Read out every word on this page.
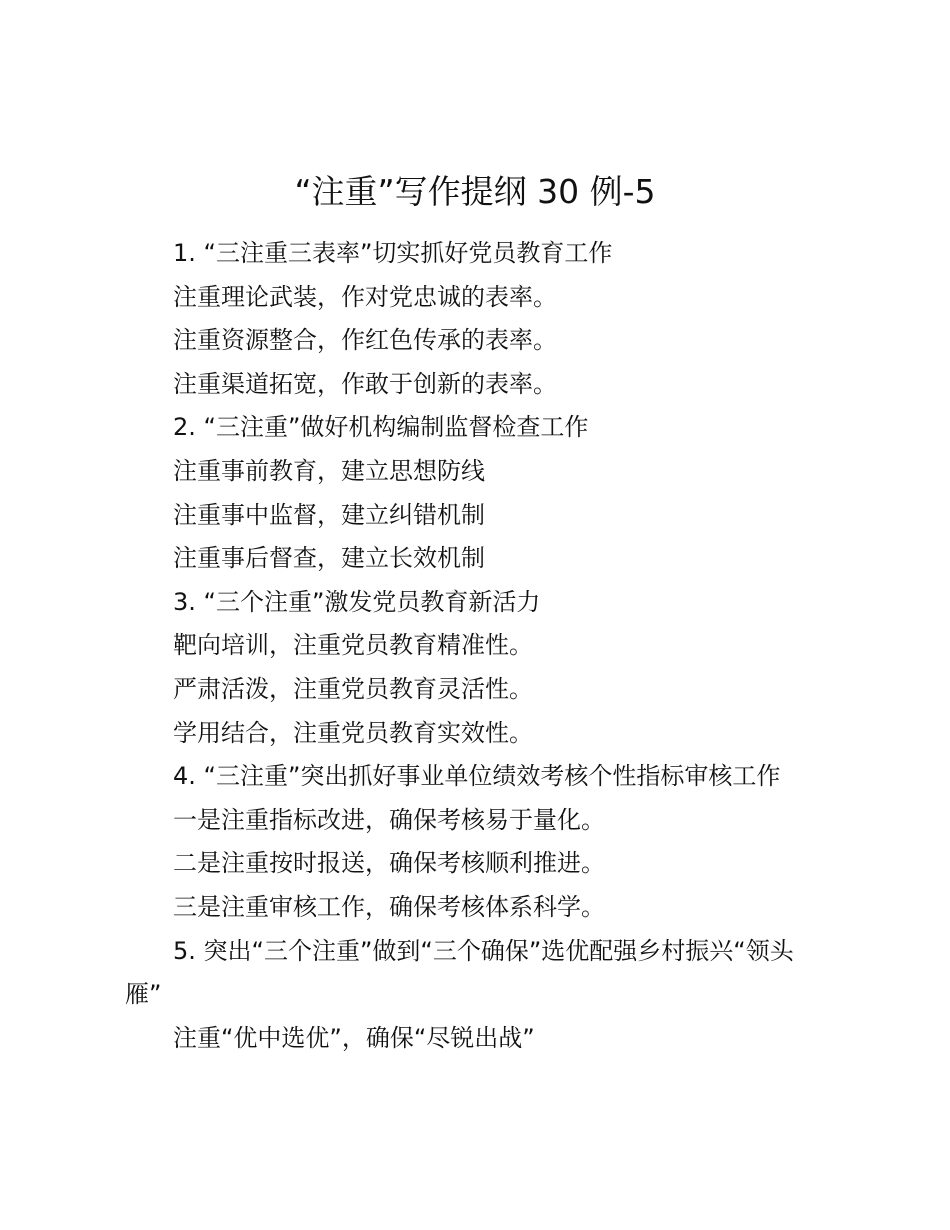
“注重”写作提纲 30 例-5

1. “三注重三表率”切实抓好党员教育工作

注重理论武装，作对党忠诚的表率。

注重资源整合，作红色传承的表率。

注重渠道拓宽，作敢于创新的表率。

2. “三注重”做好机构编制监督检查工作

注重事前教育，建立思想防线

注重事中监督，建立纠错机制

注重事后督查，建立长效机制

3. “三个注重”激发党员教育新活力

靶向培训，注重党员教育精准性。

严肃活泼，注重党员教育灵活性。

学用结合，注重党员教育实效性。

4. “三注重”突出抓好事业单位绩效考核个性指标审核工作

一是注重指标改进，确保考核易于量化。

二是注重按时报送，确保考核顺利推进。

三是注重审核工作，确保考核体系科学。

5. 突出“三个注重”做到“三个确保”选优配强乡村振兴“领头雁”

注重“优中选优”，确保“尽锐出战”
